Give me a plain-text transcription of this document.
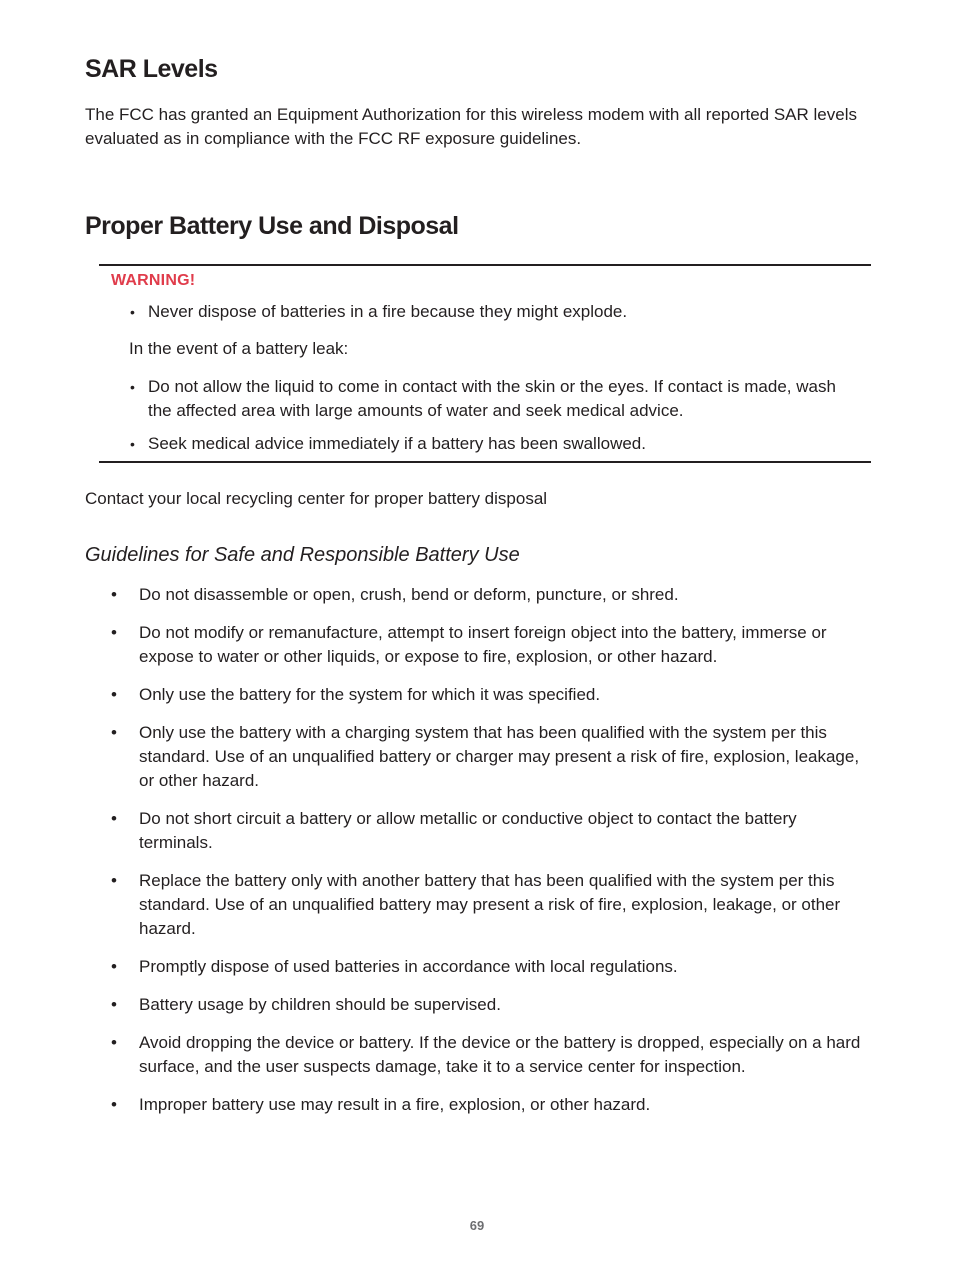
SAR Levels

The FCC has granted an Equipment Authorization for this wireless modem with all reported SAR levels evaluated as in compliance with the FCC RF exposure guidelines.

Proper Battery Use and Disposal
WARNING!
• Never dispose of batteries in a fire because they might explode.
In the event of a battery leak:
• Do not allow the liquid to come in contact with the skin or the eyes. If contact is made, wash the affected area with large amounts of water and seek medical advice.
• Seek medical advice immediately if a battery has been swallowed.

Contact your local recycling center for proper battery disposal

Guidelines for Safe and Responsible Battery Use
• Do not disassemble or open, crush, bend or deform, puncture, or shred.
• Do not modify or remanufacture, attempt to insert foreign object into the battery, immerse or expose to water or other liquids, or expose to fire, explosion, or other hazard.
• Only use the battery for the system for which it was specified.
• Only use the battery with a charging system that has been qualified with the system per this standard. Use of an unqualified battery or charger may present a risk of fire, explosion, leakage, or other hazard.
• Do not short circuit a battery or allow metallic or conductive object to contact the battery terminals.
• Replace the battery only with another battery that has been qualified with the system per this standard. Use of an unqualified battery may present a risk of fire, explosion, leakage, or other hazard.
• Promptly dispose of used batteries in accordance with local regulations.
• Battery usage by children should be supervised.
• Avoid dropping the device or battery. If the device or the battery is dropped, especially on a hard surface, and the user suspects damage, take it to a service center for inspection.
• Improper battery use may result in a fire, explosion, or other hazard.
69
